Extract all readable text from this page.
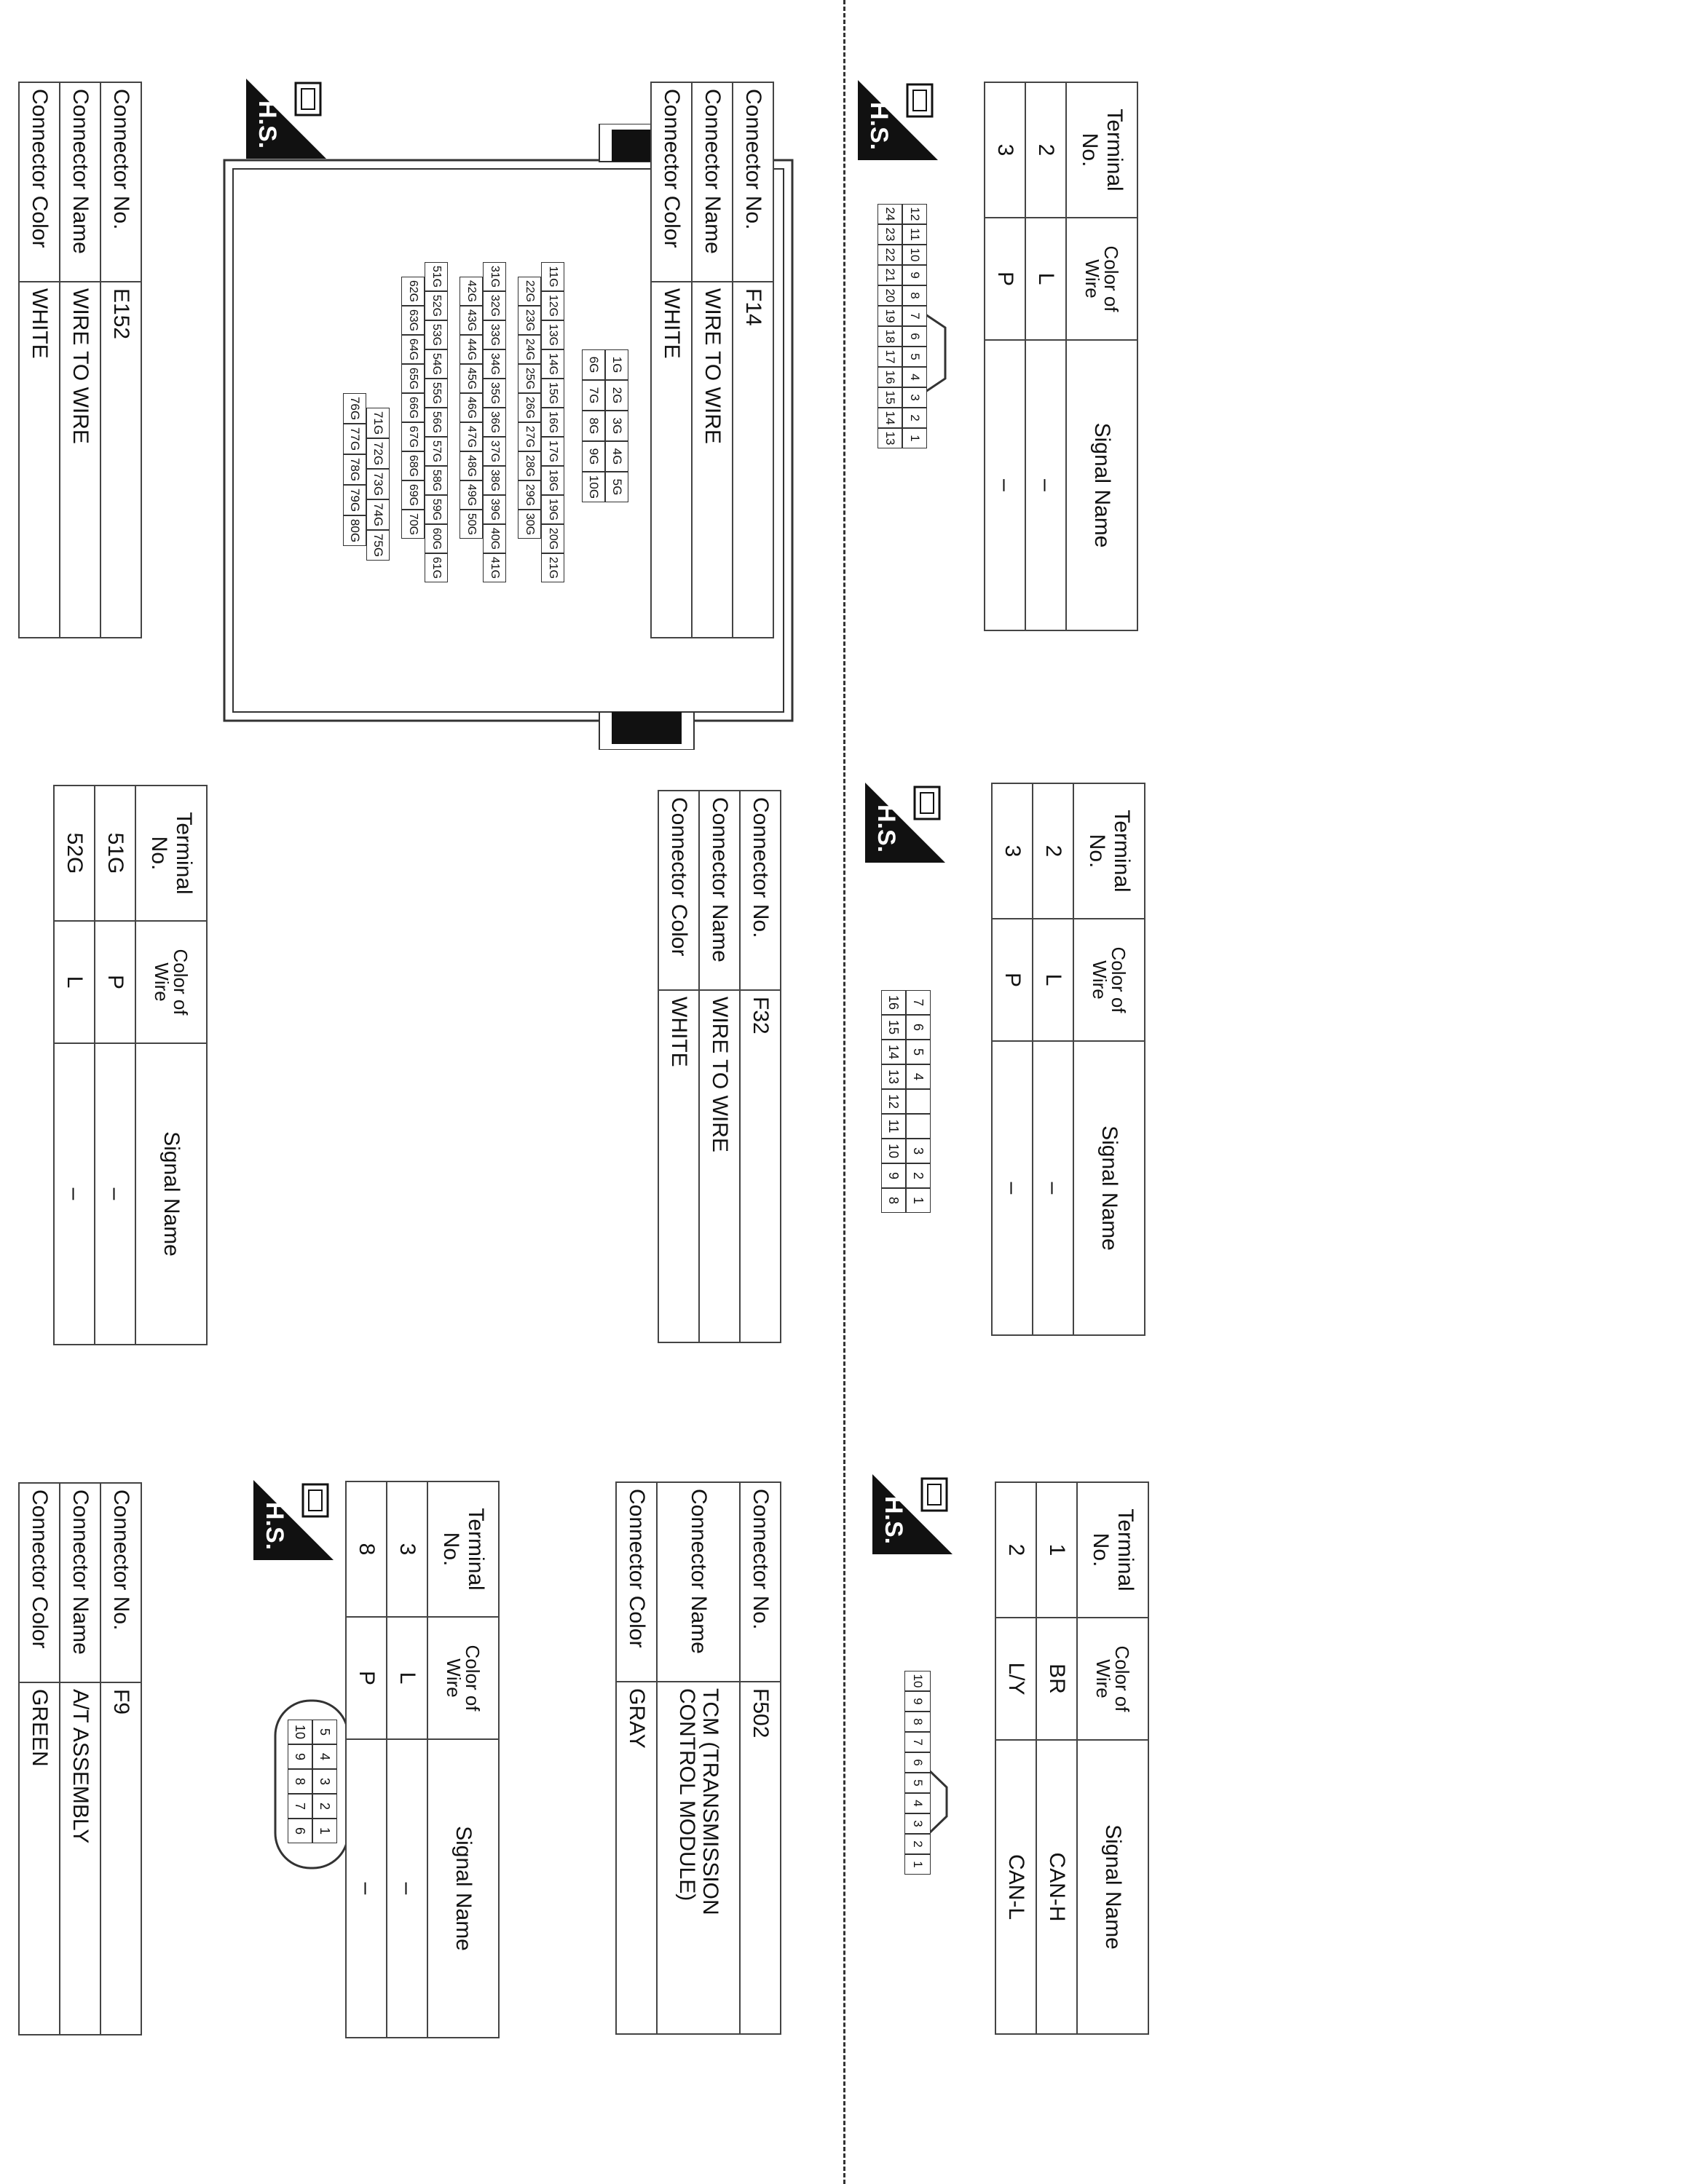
Connector No.	E152
Connector Name	WIRE TO WIRE
Connector Color	WHITE
H.S.
1G
2G
3G
4G
5G
6G
7G
8G
9G
10G
11G
12G
13G
14G
15G
16G
17G
18G
19G
20G
21G
22G
23G
24G
25G
26G
27G
28G
29G
30G
31G
32G
33G
34G
35G
36G
37G
38G
39G
40G
41G
42G
43G
44G
45G
46G
47G
48G
49G
50G
51G
52G
53G
54G
55G
56G
57G
58G
59G
60G
61G
62G
63G
64G
65G
66G
67G
68G
69G
70G
71G
72G
73G
74G
75G
76G
77G
78G
79G
80G
Terminal No.	Color of Wire	Signal Name
51G	P	–
52G	L	–
Connector No.	F9
Connector Name	A/T ASSEMBLY
Connector Color	GREEN
H.S.
5
4
3
2
1
10
9
8
7
6
Terminal No.	Color of Wire	Signal Name
3	L	–
8	P	–
Connector No.	F14
Connector Name	WIRE TO WIRE
Connector Color	WHITE
H.S.
12
11
10
9
8
7
6
5
4
3
2
1
24
23
22
21
20
19
18
17
16
15
14
13
Terminal No.	Color of Wire	Signal Name
2	L	–
3	P	–
Connector No.	F32
Connector Name	WIRE TO WIRE
Connector Color	WHITE
H.S.
7
6
5
4
3
2
1
16
15
14
13
12
11
10
9
8
Terminal No.	Color of Wire	Signal Name
2	L	–
3	P	–
Connector No.	F502
Connector Name	TCM (TRANSMISSION CONTROL MODULE)
Connector Color	GRAY
H.S.
10
9
8
7
6
5
4
3
2
1
Terminal No.	Color of Wire	Signal Name
1	BR	CAN-H
2	L/Y	CAN-L
